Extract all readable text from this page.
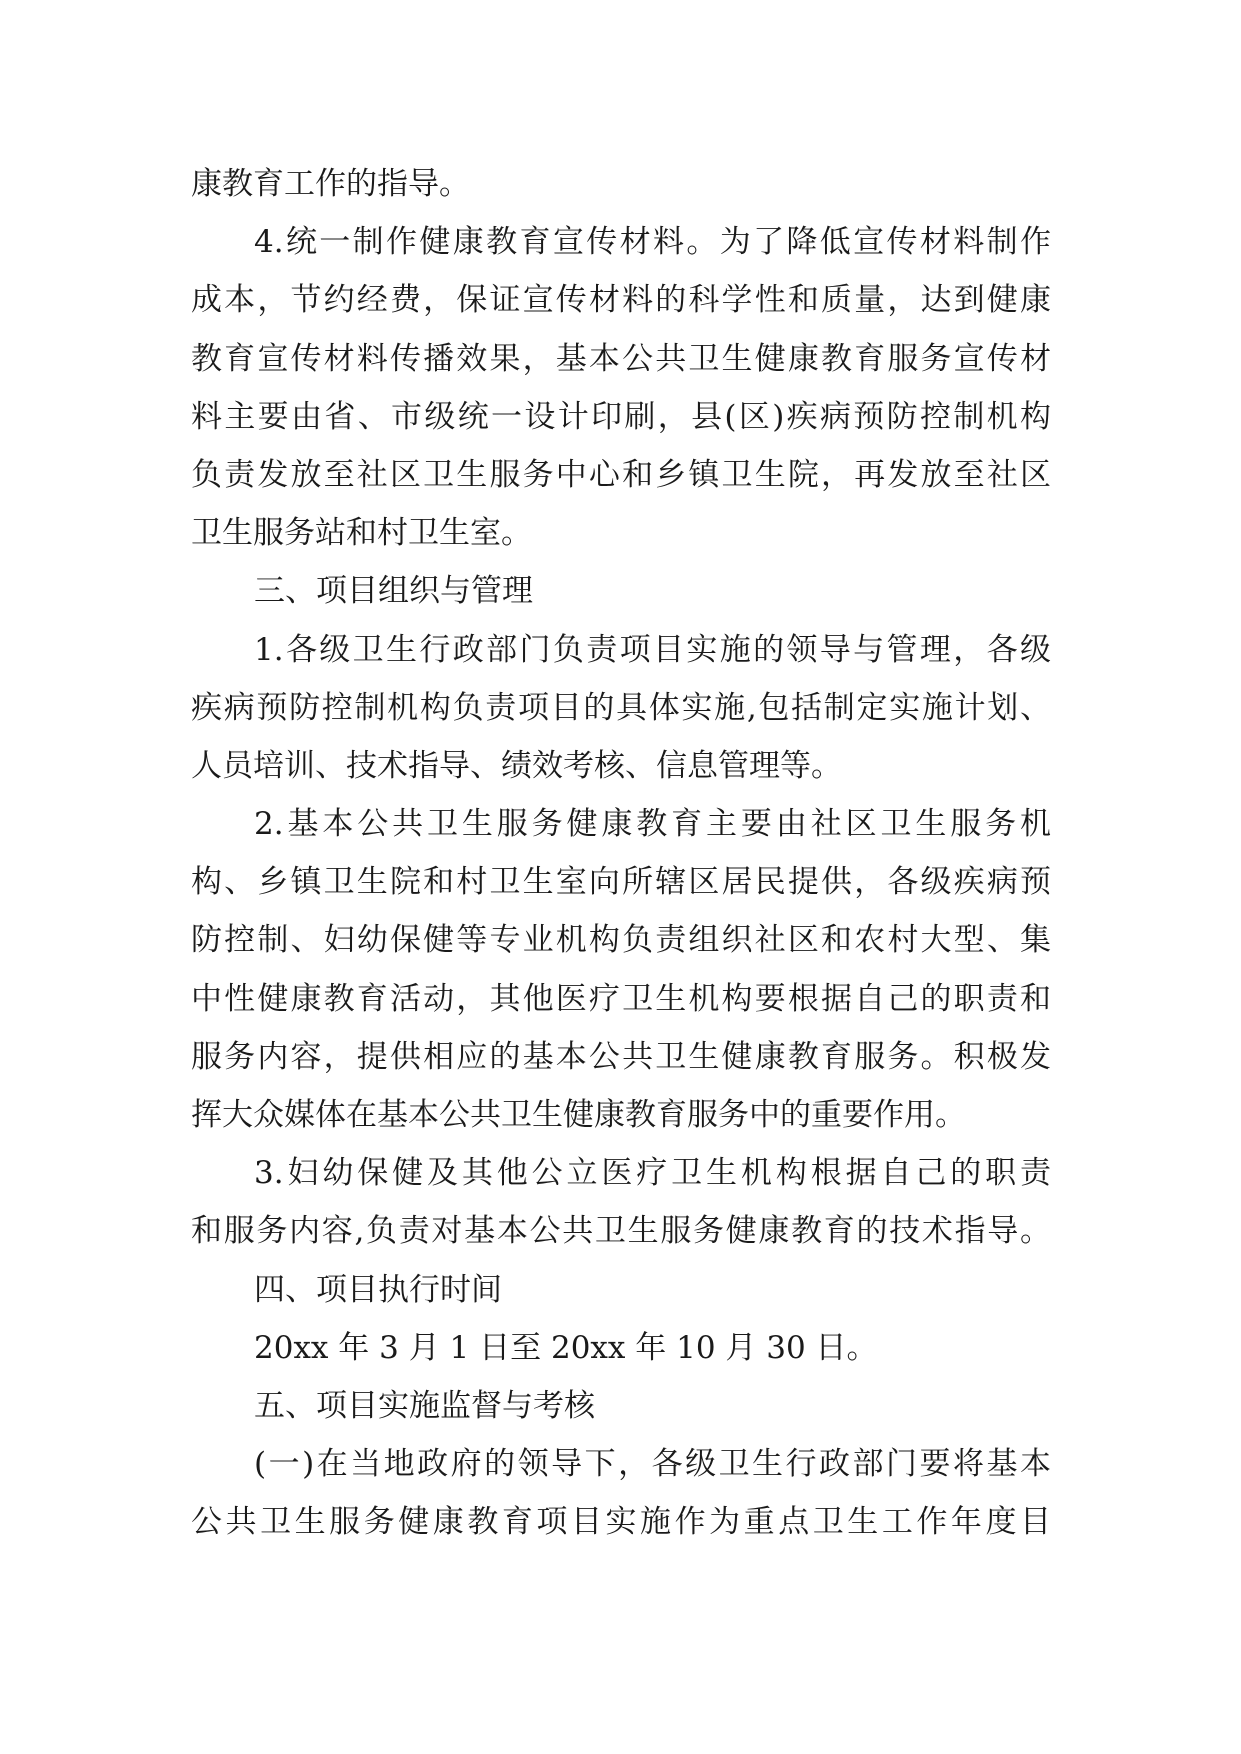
康教育工作的指导。
4.统一制作健康教育宣传材料。为了降低宣传材料制作
成本，节约经费，保证宣传材料的科学性和质量，达到健康
教育宣传材料传播效果，基本公共卫生健康教育服务宣传材
料主要由省、市级统一设计印刷，县(区)疾病预防控制机构
负责发放至社区卫生服务中心和乡镇卫生院，再发放至社区
卫生服务站和村卫生室。
三、项目组织与管理
1.各级卫生行政部门负责项目实施的领导与管理，各级
疾病预防控制机构负责项目的具体实施,包括制定实施计划、
人员培训、技术指导、绩效考核、信息管理等。
2.基本公共卫生服务健康教育主要由社区卫生服务机
构、乡镇卫生院和村卫生室向所辖区居民提供，各级疾病预
防控制、妇幼保健等专业机构负责组织社区和农村大型、集
中性健康教育活动，其他医疗卫生机构要根据自己的职责和
服务内容，提供相应的基本公共卫生健康教育服务。积极发
挥大众媒体在基本公共卫生健康教育服务中的重要作用。
3.妇幼保健及其他公立医疗卫生机构根据自己的职责
和服务内容,负责对基本公共卫生服务健康教育的技术指导。
四、项目执行时间
20xx 年 3 月 1 日至 20xx 年 10 月 30 日。
五、项目实施监督与考核
(一)在当地政府的领导下，各级卫生行政部门要将基本
公共卫生服务健康教育项目实施作为重点卫生工作年度目
